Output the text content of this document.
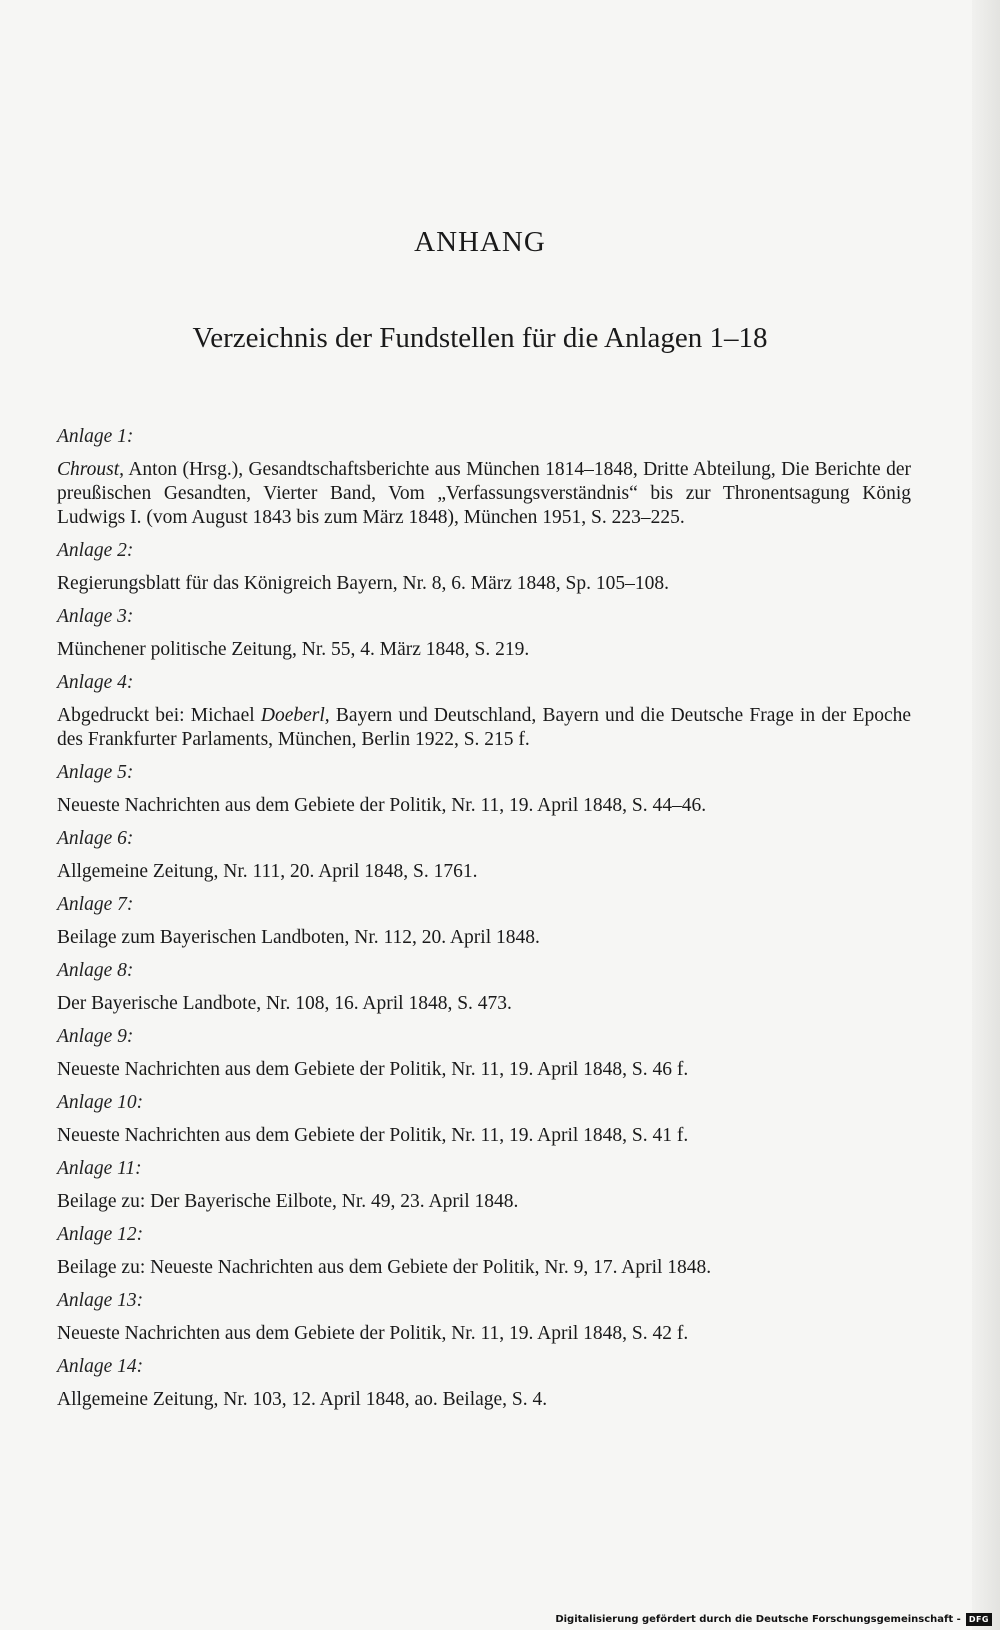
ANHANG
Verzeichnis der Fundstellen für die Anlagen 1–18
Anlage 1:
Chroust, Anton (Hrsg.), Gesandtschaftsberichte aus München 1814–1848, Dritte Abteilung, Die Berichte der preußischen Gesandten, Vierter Band, Vom „Verfassungsverständnis“ bis zur Thronentsagung König Ludwigs I. (vom August 1843 bis zum März 1848), München 1951, S. 223–225.
Anlage 2:
Regierungsblatt für das Königreich Bayern, Nr. 8, 6. März 1848, Sp. 105–108.
Anlage 3:
Münchener politische Zeitung, Nr. 55, 4. März 1848, S. 219.
Anlage 4:
Abgedruckt bei: Michael Doeberl, Bayern und Deutschland, Bayern und die Deutsche Frage in der Epoche des Frankfurter Parlaments, München, Berlin 1922, S. 215 f.
Anlage 5:
Neueste Nachrichten aus dem Gebiete der Politik, Nr. 11, 19. April 1848, S. 44–46.
Anlage 6:
Allgemeine Zeitung, Nr. 111, 20. April 1848, S. 1761.
Anlage 7:
Beilage zum Bayerischen Landboten, Nr. 112, 20. April 1848.
Anlage 8:
Der Bayerische Landbote, Nr. 108, 16. April 1848, S. 473.
Anlage 9:
Neueste Nachrichten aus dem Gebiete der Politik, Nr. 11, 19. April 1848, S. 46 f.
Anlage 10:
Neueste Nachrichten aus dem Gebiete der Politik, Nr. 11, 19. April 1848, S. 41 f.
Anlage 11:
Beilage zu: Der Bayerische Eilbote, Nr. 49, 23. April 1848.
Anlage 12:
Beilage zu: Neueste Nachrichten aus dem Gebiete der Politik, Nr. 9, 17. April 1848.
Anlage 13:
Neueste Nachrichten aus dem Gebiete der Politik, Nr. 11, 19. April 1848, S. 42 f.
Anlage 14:
Allgemeine Zeitung, Nr. 103, 12. April 1848, ao. Beilage, S. 4.
Digitalisierung gefördert durch die Deutsche Forschungsgemeinschaft -	DFG
